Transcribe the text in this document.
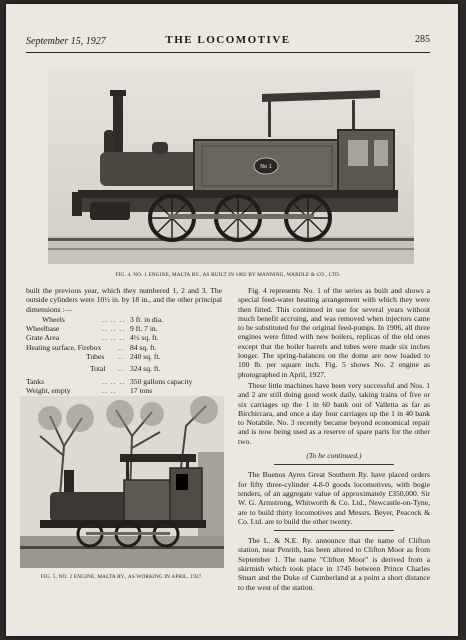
September 15, 1927	THE LOCOMOTIVE	285
No 1
FIG. 4. NO. 1 ENGINE, MALTA RY., AS BUILT IN 1882 BY MANNING, WARDLE & CO., LTD.

built the previous year, which they numbered 1, 2 and 3. The outside cylinders were 10½ in. by 18 in., and the other principal dimensions :—

Wheels	.. .. .. 3 ft. in dia.
Wheelbase	.. .. .. 9 ft. 7 in.
Grate Area	.. .. .. 4½ sq. ft.
Heating surface, Firebox .. 84 sq. ft.
Tubes .. 240 sq. ft.
Total .. 324 sq. ft.
Tanks	.. .. .. 350 gallons capacity
Weight, empty	.. .. 17 tons
FIG. 5. NO. 2 ENGINE, MALTA RY., AS WORKING IN APRIL, 1927.

Fig. 4 represents No. 1 of the series as built and shows a special feed-water heating arrangement with which they were then fitted. This continued in use for several years without much benefit accruing, and was removed when injectors came to be substituted for the original feed-pumps. In 1906, all three engines were fitted with new boilers, replicas of the old ones except that the boiler barrels and tubes were made six inches longer. The spring-balances on the dome are now loaded to 100 lb. per square inch. Fig. 5 shows No. 2 engine as photographed in April, 1927.

These little machines have been very successful and Nos. 1 and 2 are still doing good work daily, taking trains of five or six carriages up the 1 in 60 bank out of Valletta as far as Birchircara, and once a day four carriages up the 1 in 40 bank to Notabile. No. 3 recently became beyond economical repair and is now being used as a reserve of spare parts for the other two.

(To be continued.)

The Buenos Ayres Great Southern Ry. have placed orders for fifty three-cylinder 4-8-0 goods locomotives, with bogie tenders, of an aggregate value of approximately £350,000. Sir W. G. Armstrong, Whitworth & Co. Ltd., Newcastle-on-Tyne, are to build thirty locomotives and Messrs. Beyer, Peacock & Co. Ltd. are to build the other twenty.

The L. & N.E. Ry. announce that the name of Clifton station, near Penrith, has been altered to Clifton Moor as from September 1. The name "Clifton Moor" is derived from a skirmish which took place in 1745 between Prince Charles Stuart and the Duke of Cumberland at a point a short distance to the west of the station.
